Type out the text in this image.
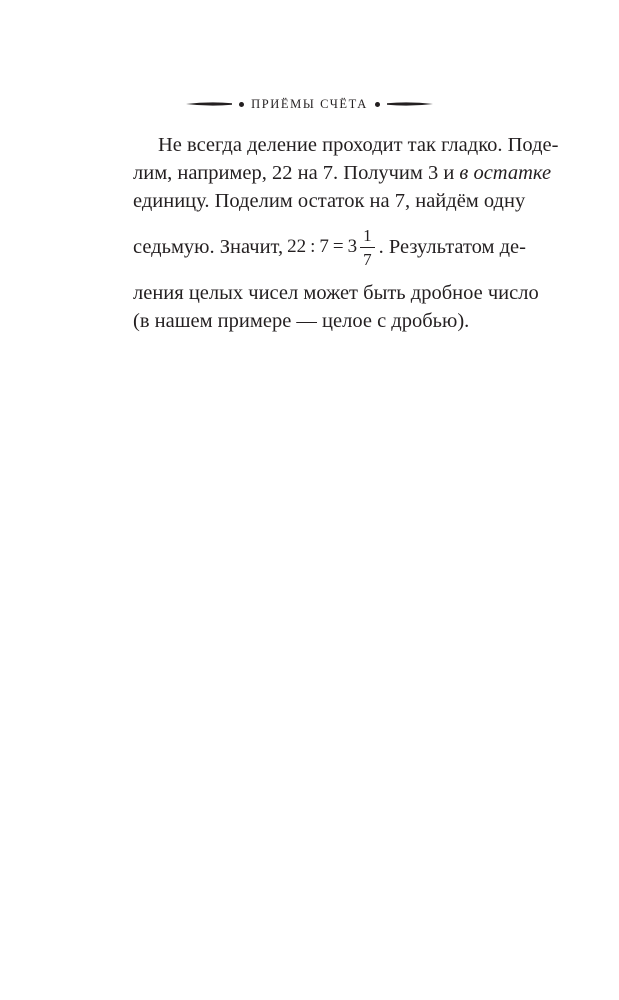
ПРИЁМЫ СЧЁТА
Не всегда деление проходит так гладко. Поде-
лим, например, 22 на 7. Получим 3 и в остатке
единицу. Поделим остаток на 7, найдём одну
седьмую. Значит, 22 : $7 = 3 \frac{1}{7}$ . Результатом де-
ления целых чисел может быть дробное число
(в нашем примере — целое с дробью).
